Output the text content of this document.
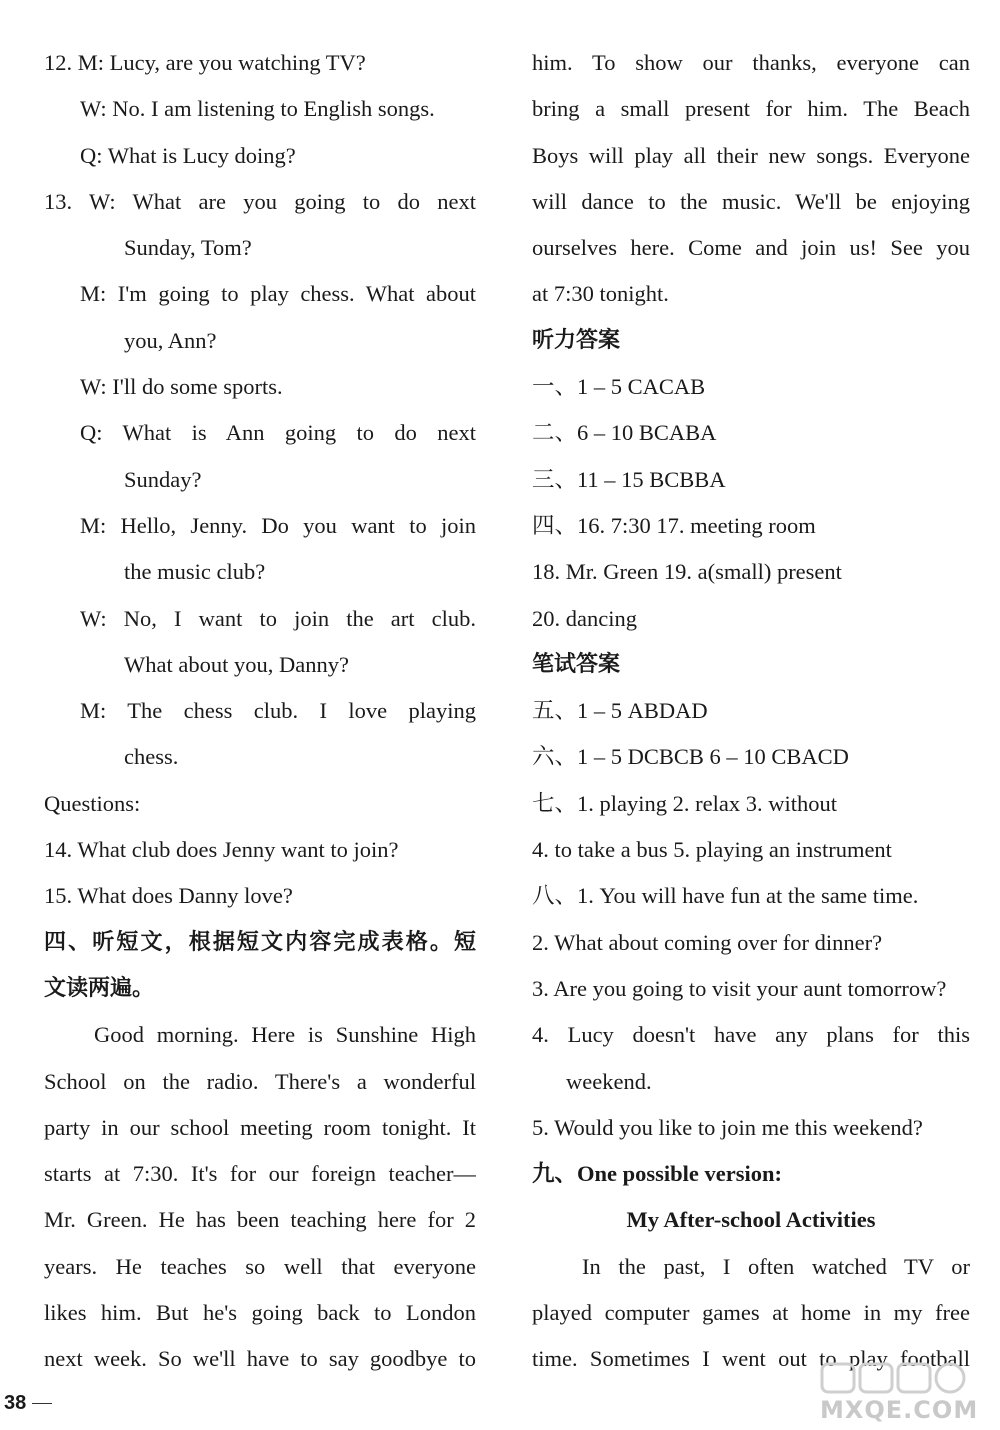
12. M: Lucy, are you watching TV?
W: No. I am listening to English songs.
Q: What is Lucy doing?
13. W: What are you going to do next
Sunday, Tom?
M: I'm going to play chess. What about
you, Ann?
W: I'll do some sports.
Q: What is Ann going to do next
Sunday?
M: Hello, Jenny. Do you want to join
the music club?
W: No, I want to join the art club.
What about you, Danny?
M: The chess club. I love playing
chess.
Questions:
14. What club does Jenny want to join?
15. What does Danny love?
四、听短文，根据短文内容完成表格。短
文读两遍。
Good morning. Here is Sunshine High
School on the radio. There's a wonderful
party in our school meeting room tonight. It
starts at 7:30. It's for our foreign teacher—
Mr. Green. He has been teaching here for 2
years. He teaches so well that everyone
likes him. But he's going back to London
next week. So we'll have to say goodbye to
him. To show our thanks, everyone can
bring a small present for him. The Beach
Boys will play all their new songs. Everyone
will dance to the music. We'll be enjoying
ourselves here. Come and join us! See you
at 7:30 tonight.
听力答案
一、1 – 5 CACAB
二、6 – 10 BCABA
三、11 – 15 BCBBA
四、16. 7:30 17. meeting room
18. Mr. Green 19. a(small) present
20. dancing
笔试答案
五、1 – 5 ABDAD
六、1 – 5 DCBCB 6 – 10 CBACD
七、1. playing 2. relax 3. without
4. to take a bus 5. playing an instrument
八、1. You will have fun at the same time.
2. What about coming over for dinner?
3. Are you going to visit your aunt tomorrow?
4. Lucy doesn't have any plans for this
weekend.
5. Would you like to join me this weekend?
九、One possible version:
My After-school Activities
In the past, I often watched TV or
played computer games at home in my free
time. Sometimes I went out to play football
38	MXQE.COM
